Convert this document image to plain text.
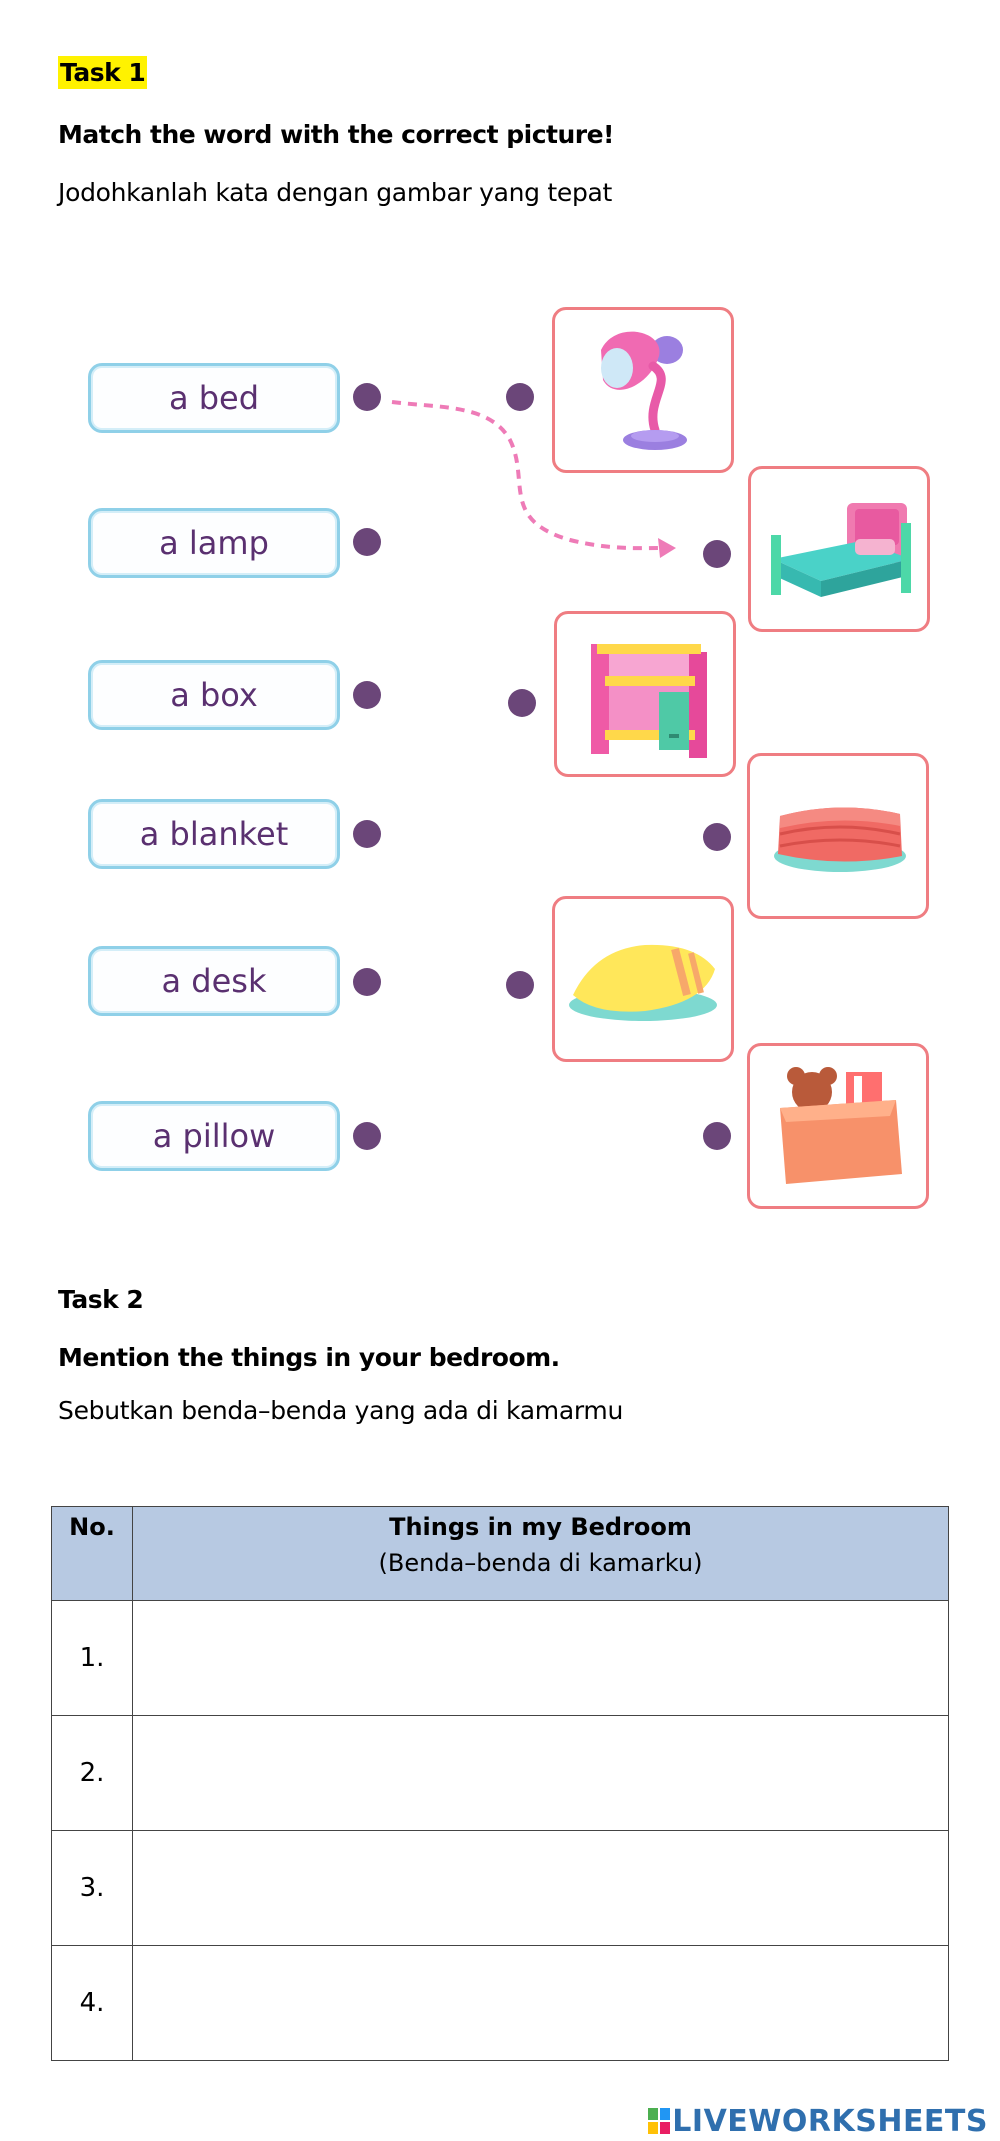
Task 1
Match the word with the correct picture!
Jodohkanlah kata dengan gambar yang tepat
a bed
a lamp
a box
a blanket
a desk
a pillow
Task 2
Mention the things in your bedroom.
Sebutkan benda–benda yang ada di kamarmu
No.	Things in my Bedroom
(Benda–benda di kamarku)

1.	
2.	
3.	
4.	
LIVEWORKSHEETS
